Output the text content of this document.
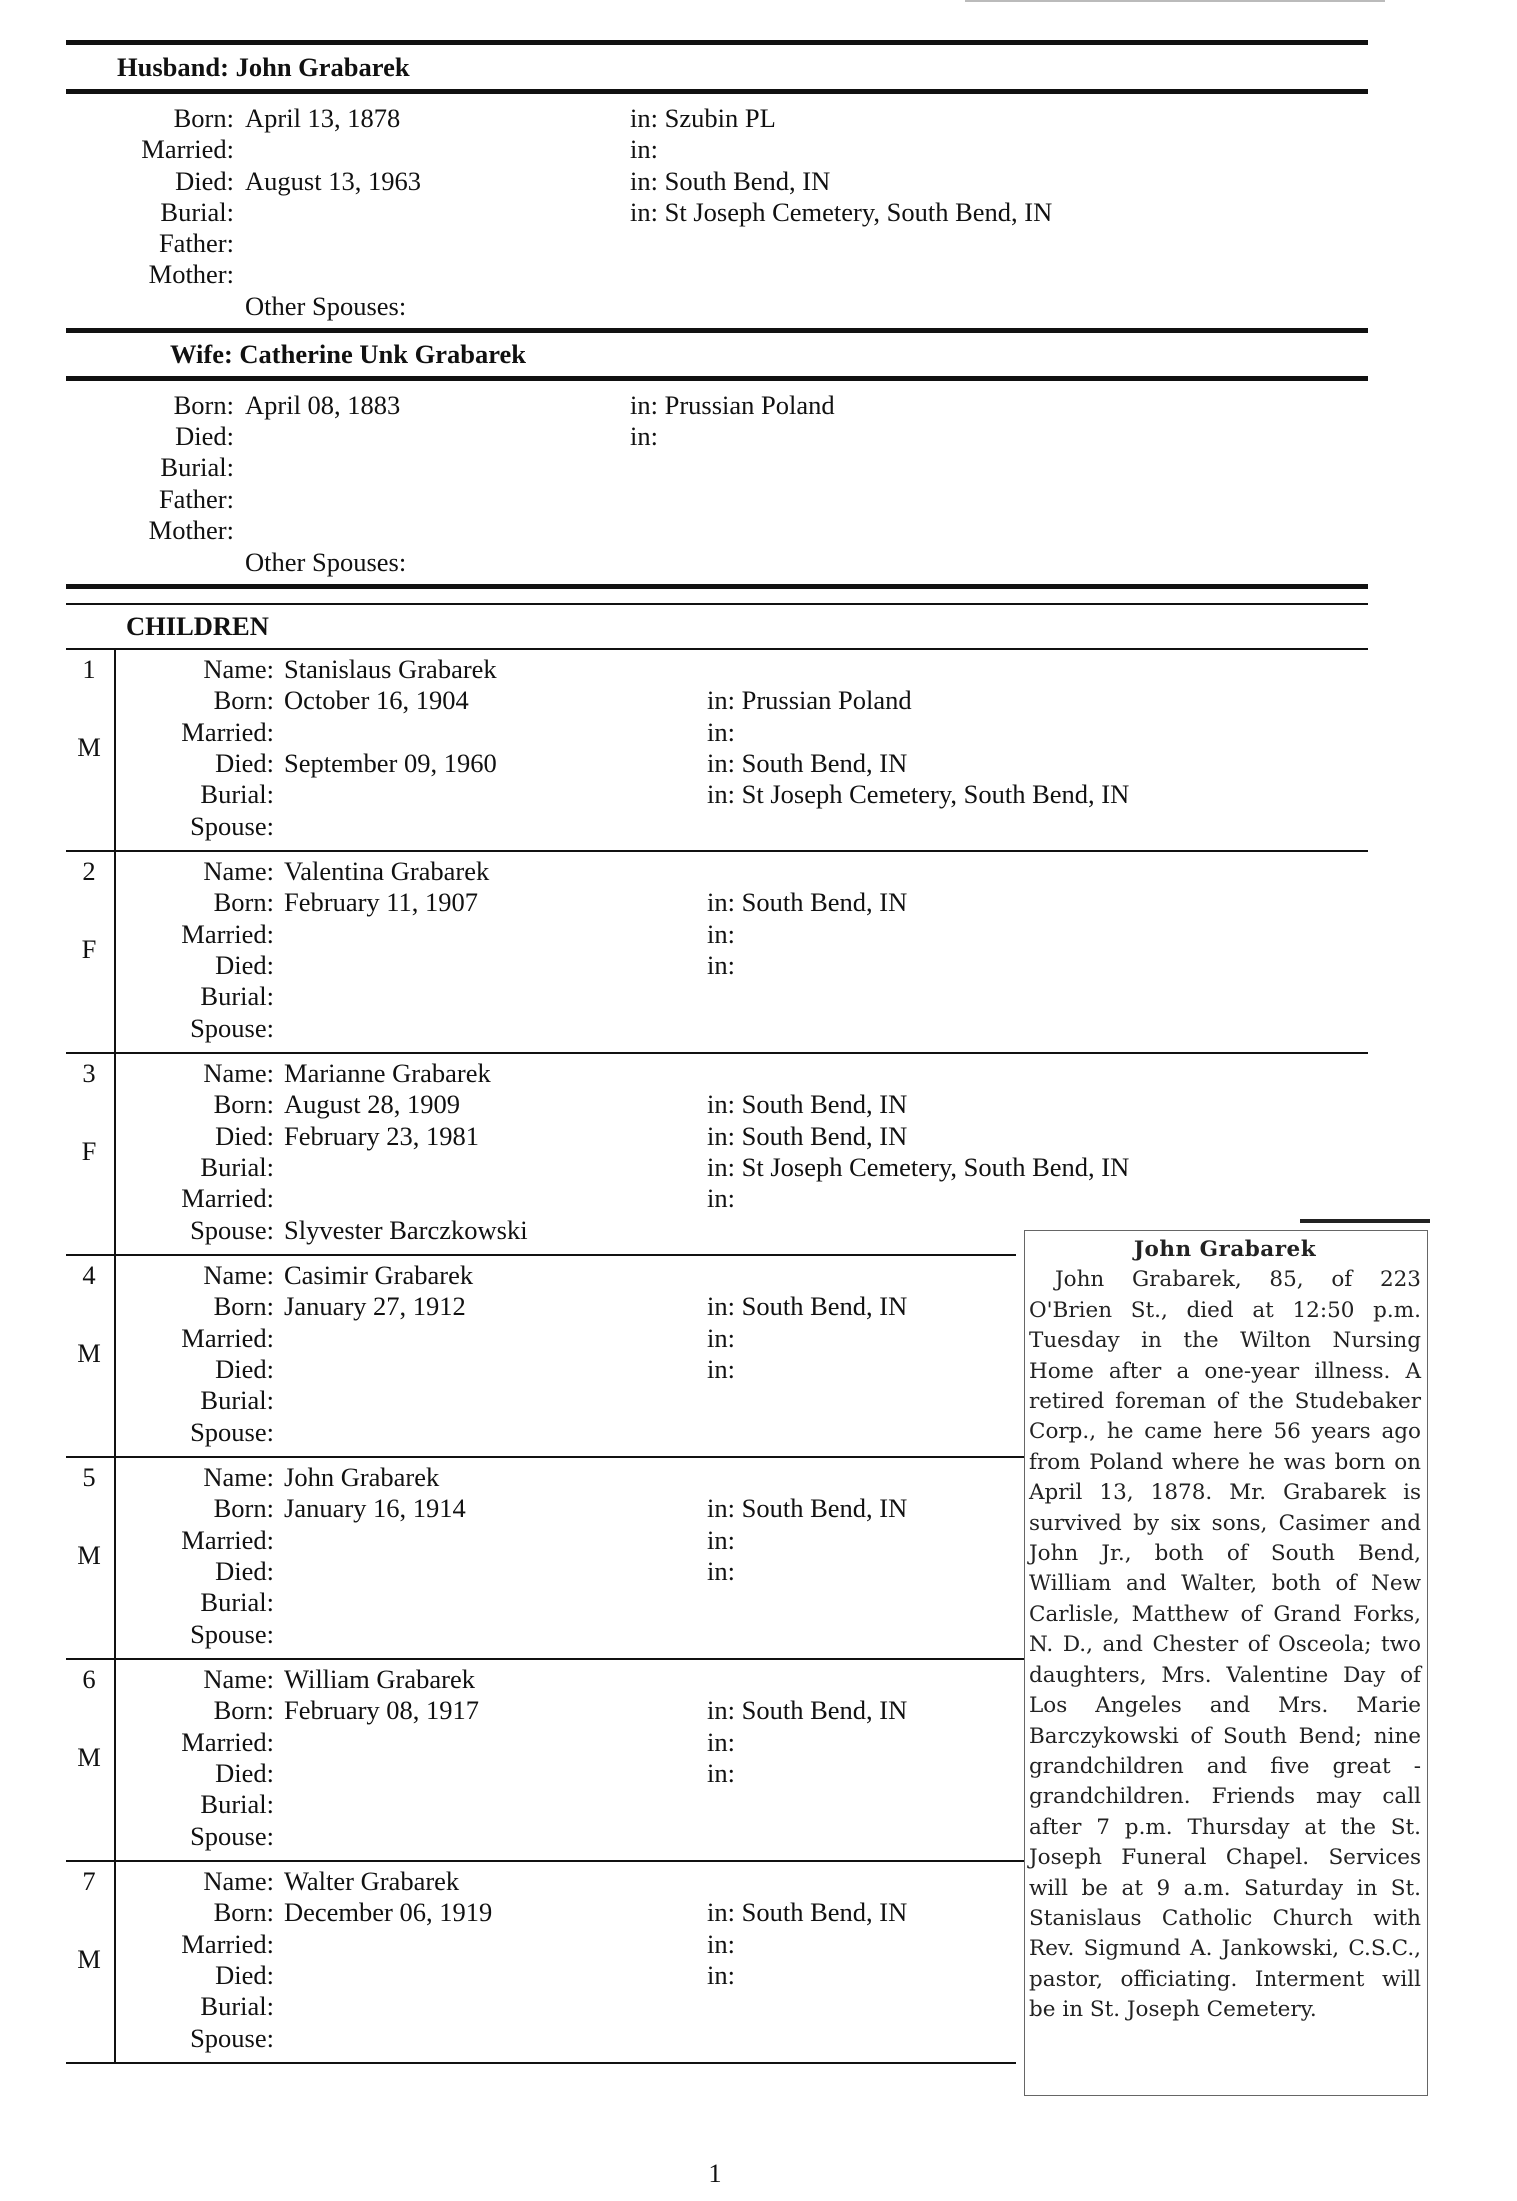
Husband: John Grabarek
Born: April 13, 1878	in: Szubin PL
Married:	in:
Died: August 13, 1963	in: South Bend, IN
Burial:	in: St Joseph Cemetery, South Bend, IN
Father:
Mother:
Other Spouses:
Wife: Catherine Unk Grabarek
Born: April 08, 1883	in: Prussian Poland
Died:	in:
Burial:
Father:
Mother:
Other Spouses:
CHILDREN
1
M
Name: Stanislaus Grabarek
Born: October 16, 1904	in: Prussian Poland
Married:	in:
Died: September 09, 1960	in: South Bend, IN
Burial:	in: St Joseph Cemetery, South Bend, IN
Spouse:
2
F
Name: Valentina Grabarek
Born: February 11, 1907	in: South Bend, IN
Married:	in:
Died:	in:
Burial:
Spouse:
3
F
Name: Marianne Grabarek
Born: August 28, 1909	in: South Bend, IN
Died: February 23, 1981	in: South Bend, IN
Burial:	in: St Joseph Cemetery, South Bend, IN
Married:	in:
Spouse: Slyvester Barczkowski
4
M
Name: Casimir Grabarek
Born: January 27, 1912	in: South Bend, IN
Married:	in:
Died:	in:
Burial:
Spouse:
5
M
Name: John Grabarek
Born: January 16, 1914	in: South Bend, IN
Married:	in:
Died:	in:
Burial:
Spouse:
6
M
Name: William Grabarek
Born: February 08, 1917	in: South Bend, IN
Married:	in:
Died:	in:
Burial:
Spouse:
7
M
Name: Walter Grabarek
Born: December 06, 1919	in: South Bend, IN
Married:	in:
Died:	in:
Burial:
Spouse:
John Grabarek
John Grabarek, 85, of 223 O'Brien St., died at 12:50 p.m. Tuesday in the Wilton Nursing Home after a one-year illness. A retired foreman of the Studebaker Corp., he came here 56 years ago from Poland where he was born on April 13, 1878. Mr. Grabarek is survived by six sons, Casimer and John Jr., both of South Bend, William and Walter, both of New Carlisle, Matthew of Grand Forks, N. D., and Chester of Osceola; two daughters, Mrs. Valentine Day of Los Angeles and Mrs. Marie Barczykowski of South Bend; nine grandchildren and five great - grandchildren. Friends may call after 7 p.m. Thursday at the St. Joseph Funeral Chapel. Services will be at 9 a.m. Saturday in St. Stanislaus Catholic Church with Rev. Sigmund A. Jankowski, C.S.C., pastor, officiating. Interment will be in St. Joseph Cemetery.
1
